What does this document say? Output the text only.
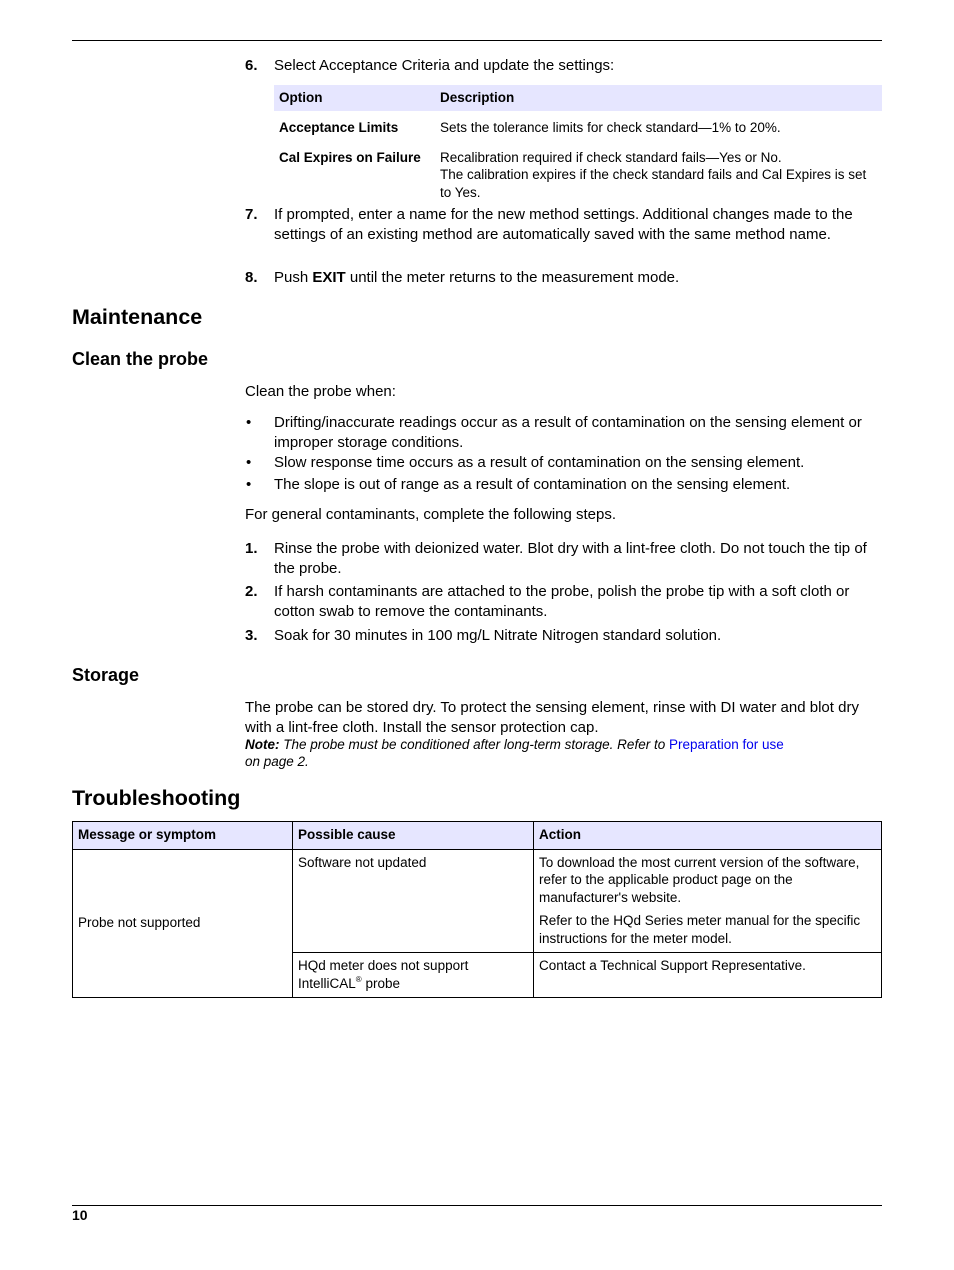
6. Select Acceptance Criteria and update the settings:
Option	Description
Acceptance Limits	Sets the tolerance limits for check standard—1% to 20%.
Cal Expires on Failure	Recalibration required if check standard fails—Yes or No.
The calibration expires if the check standard fails and Cal Expires is set to Yes.
7. If prompted, enter a name for the new method settings. Additional changes made to the settings of an existing method are automatically saved with the same method name.
8. Push EXIT until the meter returns to the measurement mode.
Maintenance
Clean the probe
Clean the probe when:
• Drifting/inaccurate readings occur as a result of contamination on the sensing element or improper storage conditions.
• Slow response time occurs as a result of contamination on the sensing element.
• The slope is out of range as a result of contamination on the sensing element.
For general contaminants, complete the following steps.
1. Rinse the probe with deionized water. Blot dry with a lint-free cloth. Do not touch the tip of the probe.
2. If harsh contaminants are attached to the probe, polish the probe tip with a soft cloth or cotton swab to remove the contaminants.
3. Soak for 30 minutes in 100 mg/L Nitrate Nitrogen standard solution.
Storage
The probe can be stored dry. To protect the sensing element, rinse with DI water and blot dry with a lint-free cloth. Install the sensor protection cap.
Note: The probe must be conditioned after long-term storage. Refer to Preparation for use
on page 2.
Troubleshooting
Message or symptom	Possible cause	Action
Probe not supported	Software not updated	To download the most current version of the software, refer to the applicable product page on the manufacturer's website.

Refer to the HQd Series meter manual for the specific instructions for the meter model.

	HQd meter does not support IntelliCAL® probe	Contact a Technical Support Representative.
10
